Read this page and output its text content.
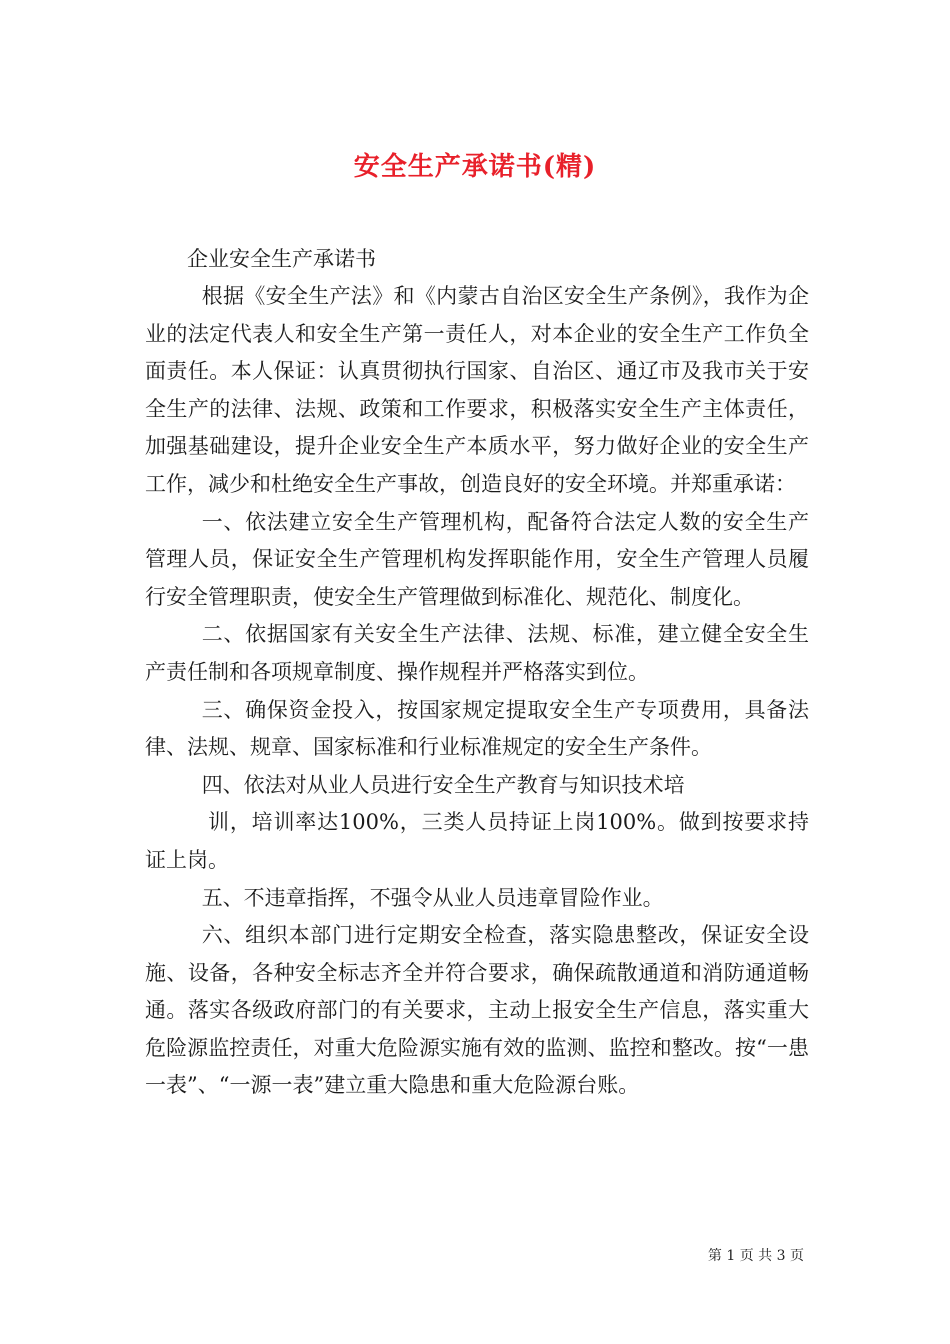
安全生产承诺书(精)

企业安全生产承诺书

根据《安全生产法》和《内蒙古自治区安全生产条例》，我作为企业的法定代表人和安全生产第一责任人，对本企业的安全生产工作负全面责任。本人保证：认真贯彻执行国家、自治区、通辽市及我市关于安全生产的法律、法规、政策和工作要求，积极落实安全生产主体责任，加强基础建设，提升企业安全生产本质水平，努力做好企业的安全生产工作，减少和杜绝安全生产事故，创造良好的安全环境。并郑重承诺：

一、依法建立安全生产管理机构，配备符合法定人数的安全生产管理人员，保证安全生产管理机构发挥职能作用，安全生产管理人员履行安全管理职责，使安全生产管理做到标准化、规范化、制度化。

二、依据国家有关安全生产法律、法规、标准，建立健全安全生产责任制和各项规章制度、操作规程并严格落实到位。

三、确保资金投入，按国家规定提取安全生产专项费用，具备法律、法规、规章、国家标准和行业标准规定的安全生产条件。

四、依法对从业人员进行安全生产教育与知识技术培

训，培训率达100%，三类人员持证上岗100%。做到按要求持证上岗。

五、不违章指挥，不强令从业人员违章冒险作业。

六、组织本部门进行定期安全检查，落实隐患整改，保证安全设施、设备，各种安全标志齐全并符合要求，确保疏散通道和消防通道畅通。落实各级政府部门的有关要求，主动上报安全生产信息，落实重大危险源监控责任，对重大危险源实施有效的监测、监控和整改。按“一患一表”、“一源一表”建立重大隐患和重大危险源台账。

第 1 页 共 3 页
